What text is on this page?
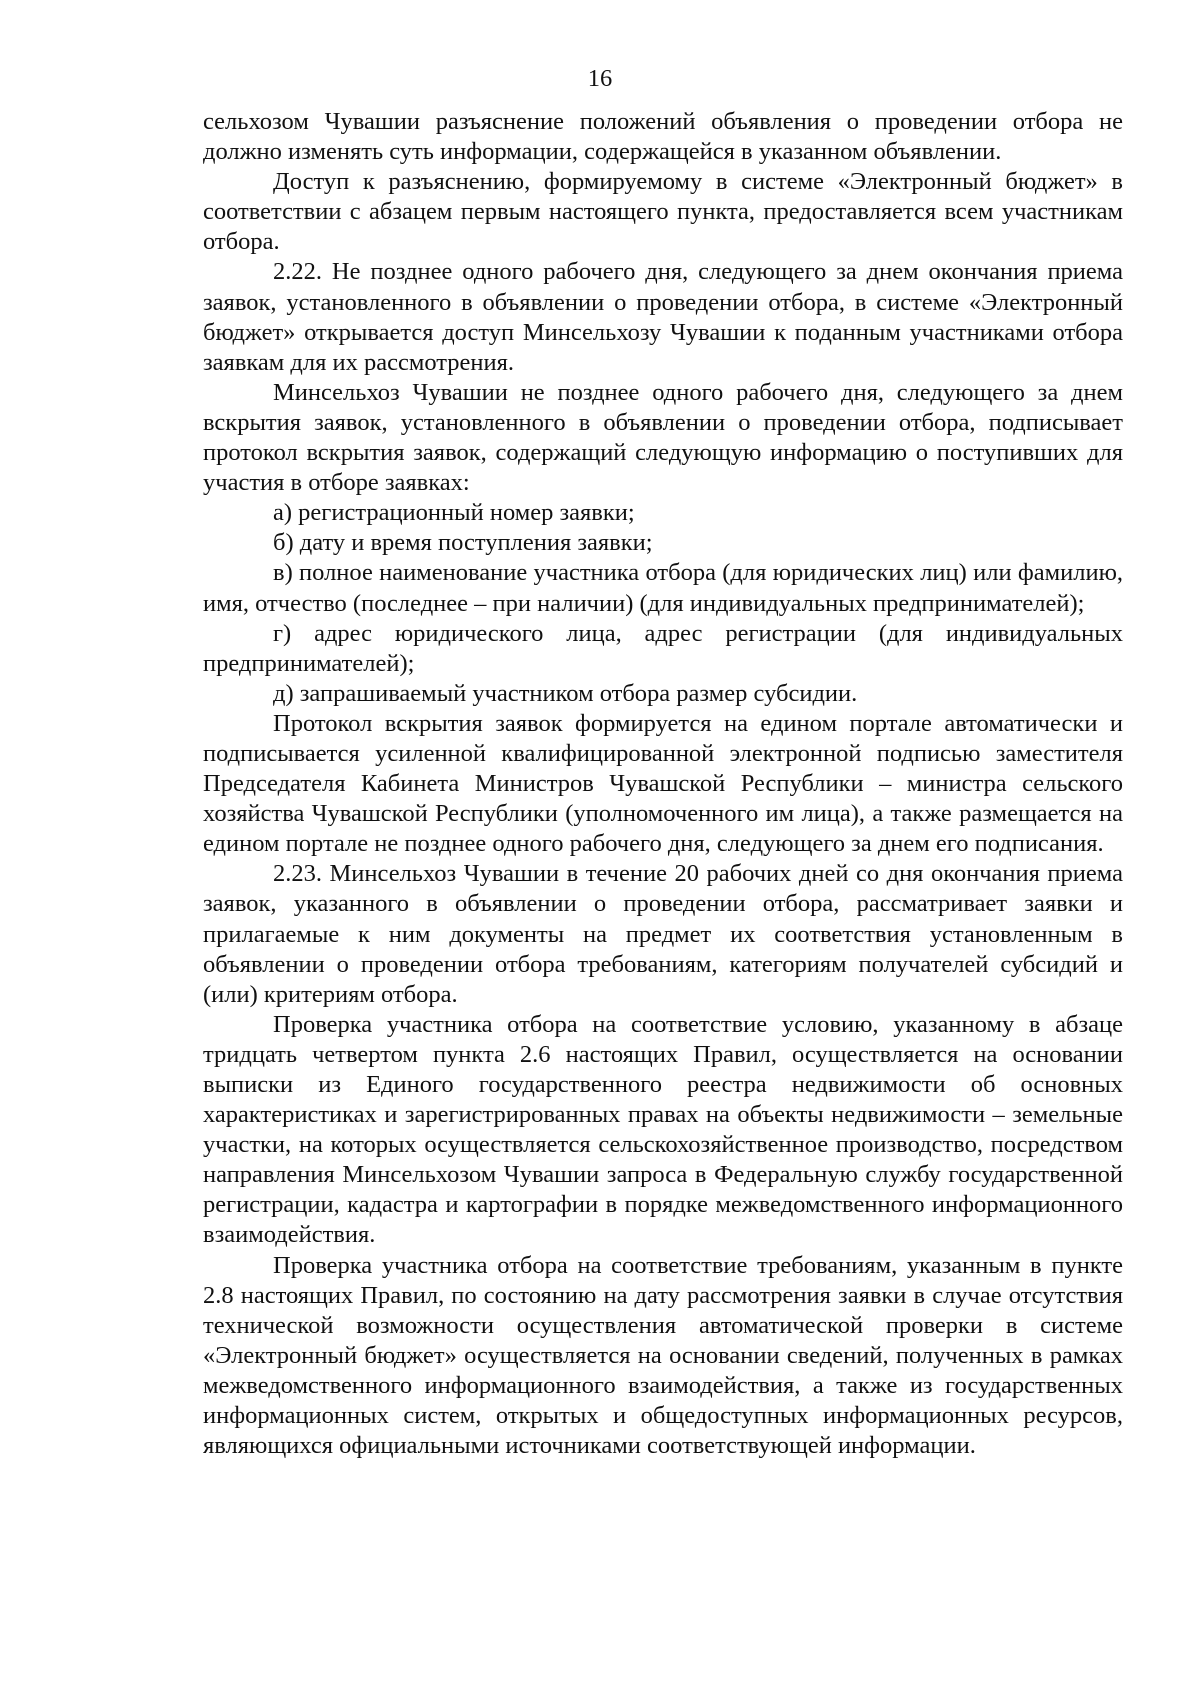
16

сельхозом Чувашии разъяснение положений объявления о проведении отбора не должно изменять суть информации, содержащейся в указанном объявлении.

Доступ к разъяснению, формируемому в системе «Электронный бюджет» в соответствии с абзацем первым настоящего пункта, предоставляется всем участникам отбора.

2.22. Не позднее одного рабочего дня, следующего за днем окончания приема заявок, установленного в объявлении о проведении отбора, в системе «Электронный бюджет» открывается доступ Минсельхозу Чувашии к поданным участниками отбора заявкам для их рассмотрения.

Минсельхоз Чувашии не позднее одного рабочего дня, следующего за днем вскрытия заявок, установленного в объявлении о проведении отбора, подписывает протокол вскрытия заявок, содержащий следующую информацию о поступивших для участия в отборе заявках:

а) регистрационный номер заявки;

б) дату и время поступления заявки;

в) полное наименование участника отбора (для юридических лиц) или фамилию, имя, отчество (последнее – при наличии) (для индивидуальных предпринимателей);

г) адрес юридического лица, адрес регистрации (для индивидуальных предпринимателей);

д) запрашиваемый участником отбора размер субсидии.

Протокол вскрытия заявок формируется на едином портале автоматически и подписывается усиленной квалифицированной электронной подписью заместителя Председателя Кабинета Министров Чувашской Республики – министра сельского хозяйства Чувашской Республики (уполномоченного им лица), а также размещается на едином портале не позднее одного рабочего дня, следующего за днем его подписания.

2.23. Минсельхоз Чувашии в течение 20 рабочих дней со дня окончания приема заявок, указанного в объявлении о проведении отбора, рассматривает заявки и прилагаемые к ним документы на предмет их соответствия установленным в объявлении о проведении отбора требованиям, категориям получателей субсидий и (или) критериям отбора.

Проверка участника отбора на соответствие условию, указанному в абзаце тридцать четвертом пункта 2.6 настоящих Правил, осуществляется на основании выписки из Единого государственного реестра недвижимости об основных характеристиках и зарегистрированных правах на объекты недвижимости – земельные участки, на которых осуществляется сельскохозяйственное производство, посредством направления Минсельхозом Чувашии запроса в Федеральную службу государственной регистрации, кадастра и картографии в порядке межведомственного информационного взаимодействия.

Проверка участника отбора на соответствие требованиям, указанным в пункте 2.8 настоящих Правил, по состоянию на дату рассмотрения заявки в случае отсутствия технической возможности осуществления автоматической проверки в системе «Электронный бюджет» осуществляется на основании сведений, полученных в рамках межведомственного информационного взаимодействия, а также из государственных информационных систем, открытых и общедоступных информационных ресурсов, являющихся официальными источниками соответствующей информации.
